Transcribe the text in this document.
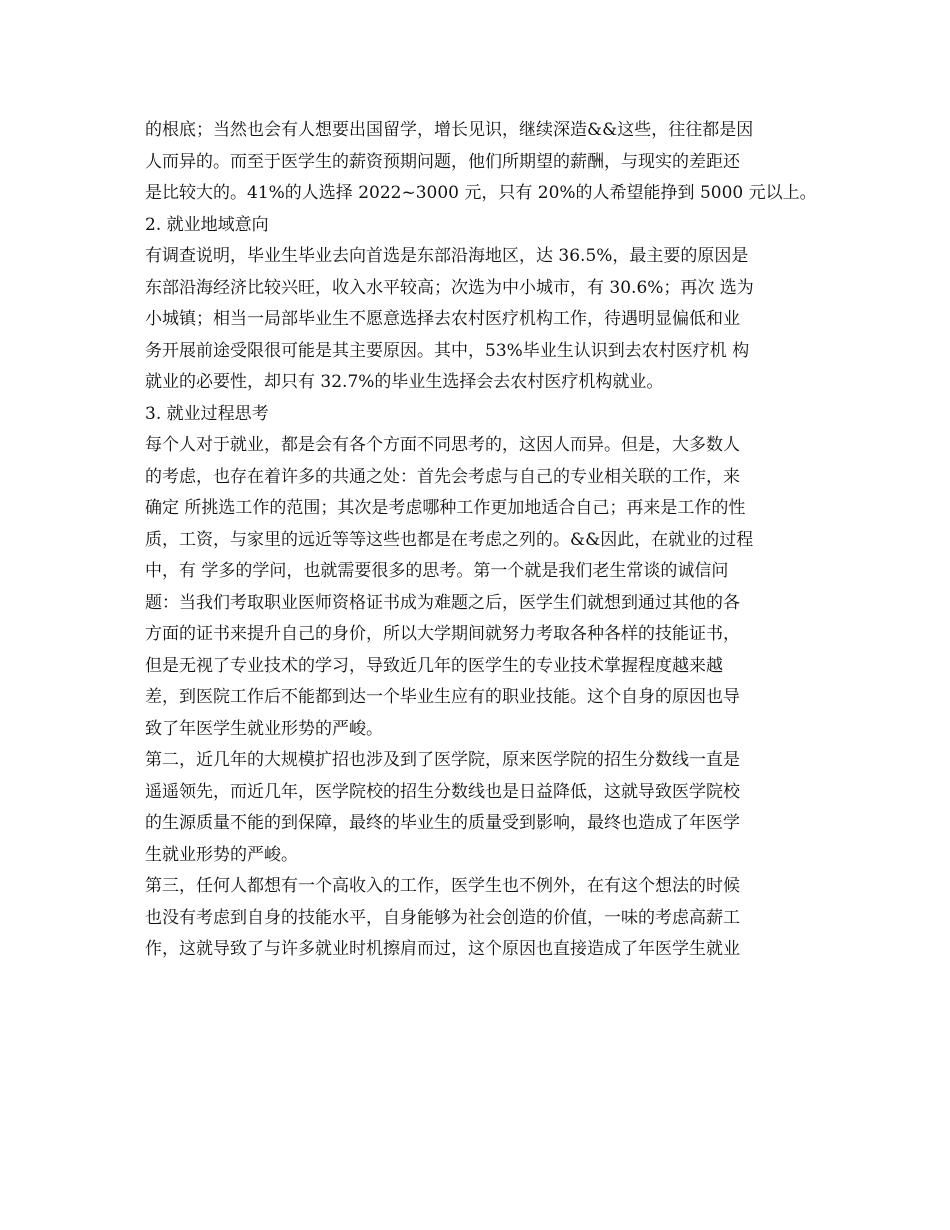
的根底；当然也会有人想要出国留学，增长见识，继续深造&&这些，往往都是因
人而异的。而至于医学生的薪资预期问题，他们所期望的薪酬，与现实的差距还
是比较大的。41%的人选择 2022~3000 元，只有 20%的人希望能挣到 5000 元以上。
2. 就业地域意向
有调查说明，毕业生毕业去向首选是东部沿海地区，达 36.5%，最主要的原因是
东部沿海经济比较兴旺，收入水平较高；次选为中小城市，有 30.6%；再次 选为
小城镇；相当一局部毕业生不愿意选择去农村医疗机构工作，待遇明显偏低和业
务开展前途受限很可能是其主要原因。其中，53%毕业生认识到去农村医疗机 构
就业的必要性，却只有 32.7%的毕业生选择会去农村医疗机构就业。
3. 就业过程思考
每个人对于就业，都是会有各个方面不同思考的，这因人而异。但是，大多数人
的考虑，也存在着许多的共通之处：首先会考虑与自己的专业相关联的工作，来
确定 所挑选工作的范围；其次是考虑哪种工作更加地适合自己；再来是工作的性
质，工资，与家里的远近等等这些也都是在考虑之列的。&&因此，在就业的过程
中，有 学多的学问，也就需要很多的思考。第一个就是我们老生常谈的诚信问
题：当我们考取职业医师资格证书成为难题之后，医学生们就想到通过其他的各
方面的证书来提升自己的身价，所以大学期间就努力考取各种各样的技能证书，
但是无视了专业技术的学习，导致近几年的医学生的专业技术掌握程度越来越
差，到医院工作后不能都到达一个毕业生应有的职业技能。这个自身的原因也导
致了年医学生就业形势的严峻。
第二，近几年的大规模扩招也涉及到了医学院，原来医学院的招生分数线一直是
遥遥领先，而近几年，医学院校的招生分数线也是日益降低，这就导致医学院校
的生源质量不能的到保障，最终的毕业生的质量受到影响，最终也造成了年医学
生就业形势的严峻。
第三，任何人都想有一个高收入的工作，医学生也不例外，在有这个想法的时候
也没有考虑到自身的技能水平，自身能够为社会创造的价值，一味的考虑高薪工
作，这就导致了与许多就业时机擦肩而过，这个原因也直接造成了年医学生就业
